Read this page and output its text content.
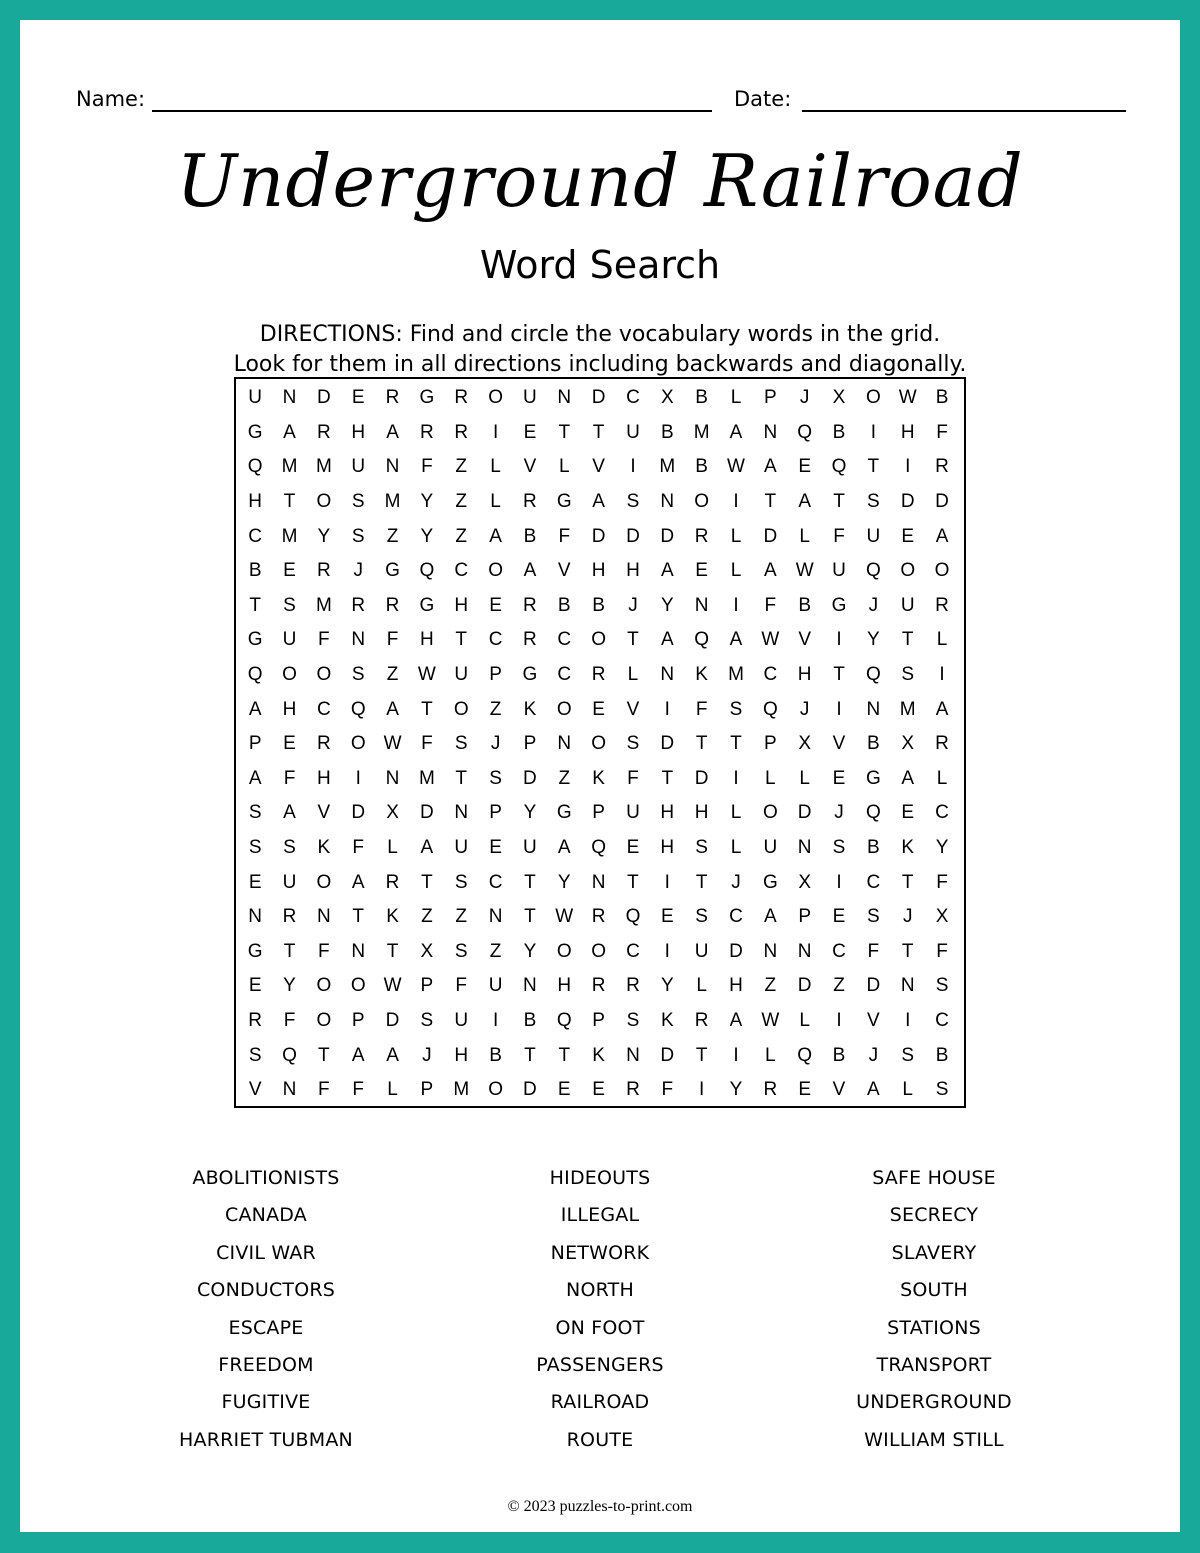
Name:	Date:
Underground Railroad
Word Search
DIRECTIONS: Find and circle the vocabulary words in the grid.
Look for them in all directions including backwards and diagonally.
U	N	D	E	R	G	R	O	U	N	D	C	X	B	L	P	J	X	O W	B
G	A	R	H	A	R	R	I	E	T	T	U	B	M	A	N	Q	B	I	H	F
Q	M M	U	N	F	Z	L	V	L	V	I	M	B	W	A	E	Q	T	I	R
H	T	O	S	M	Y	Z	L	R	G	A	S	N	O	I	T	A	T	S	D	D
C	M	Y	S	Z	Y	Z	A	B	F	D	D	D	R	L	D	L	F	U	E	A
B	E	R	J	G	Q	C	O	A	V	H	H	A	E	L	A	W U	Q	O	O
T	S	M	R	R	G	H	E	R	B	B	J	Y	N	I	F	B	G	J	U	R
G	U	F	N	F	H	T	C	R	C	O	T	A	Q	A	W	V	I	Y	T	L
Q	O	O	S	Z	W U	P	G	C	R	L	N	K	M	C	H	T	Q	S	I
A	H	C	Q	A	T	O	Z	K	O	E	V	I	F	S	Q	J	I	N	M	A
P	E	R	O W	F	S	J	P	N	O	S	D	T	T	P	X	V	B	X	R
A	F	H	I	N	M	T	S	D	Z	K	F	T	D	I	L	L	E	G	A	L
S	A	V	D	X	D	N	P	Y	G	P	U	H	H	L	O	D	J	Q	E	C
S	S	K	F	L	A	U	E	U	A	Q	E	H	S	L	U	N	S	B	K	Y
E	U	O	A	R	T	S	C	T	Y	N	T	I	T	J	G	X	I	C	T	F
N	R	N	T	K	Z	Z	N	T	W R	Q	E	S	C	A	P	E	S	J	X
G	T	F	N	T	X	S	Z	Y	O	O	C	I	U	D	N	N	C	F	T	F
E	Y	O	O W	P	F	U	N	H	R	R	Y	L	H	Z	D	Z	D	N	S
R	F	O	P	D	S	U	I	B	Q	P	S	K	R	A	W	L	I	V	I	C
S	Q	T	A	A	J	H	B	T	T	K	N	D	T	I	L	Q	B	J	S	B
V	N	F	F	L	P	M	O	D	E	E	R	F	I	Y	R	E	V	A	L	S
ABOLITIONISTS
CANADA
CIVIL WAR
CONDUCTORS
ESCAPE
FREEDOM
FUGITIVE
HARRIET TUBMAN
HIDEOUTS
ILLEGAL
NETWORK
NORTH
ON FOOT
PASSENGERS
RAILROAD
ROUTE
SAFE HOUSE
SECRECY
SLAVERY
SOUTH
STATIONS
TRANSPORT
UNDERGROUND
WILLIAM STILL
© 2023 puzzles-to-print.com
